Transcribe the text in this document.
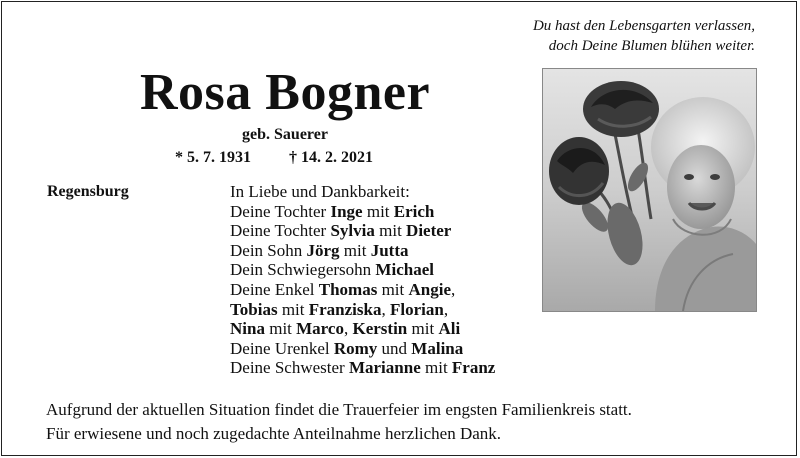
Du hast den Lebensgarten verlassen,
doch Deine Blumen blühen weiter.
Rosa Bogner
geb. Sauerer
* 5. 7. 1931 † 14. 2. 2021
Regensburg	In Liebe und Dankbarkeit:
Deine Tochter Inge mit Erich
Deine Tochter Sylvia mit Dieter
Dein Sohn Jörg mit Jutta
Dein Schwiegersohn Michael
Deine Enkel Thomas mit Angie,
Tobias mit Franziska, Florian,
Nina mit Marco, Kerstin mit Ali
Deine Urenkel Romy und Malina
Deine Schwester Marianne mit Franz
Aufgrund der aktuellen Situation findet die Trauerfeier im engsten Familienkreis statt.
Für erwiesene und noch zugedachte Anteilnahme herzlichen Dank.
